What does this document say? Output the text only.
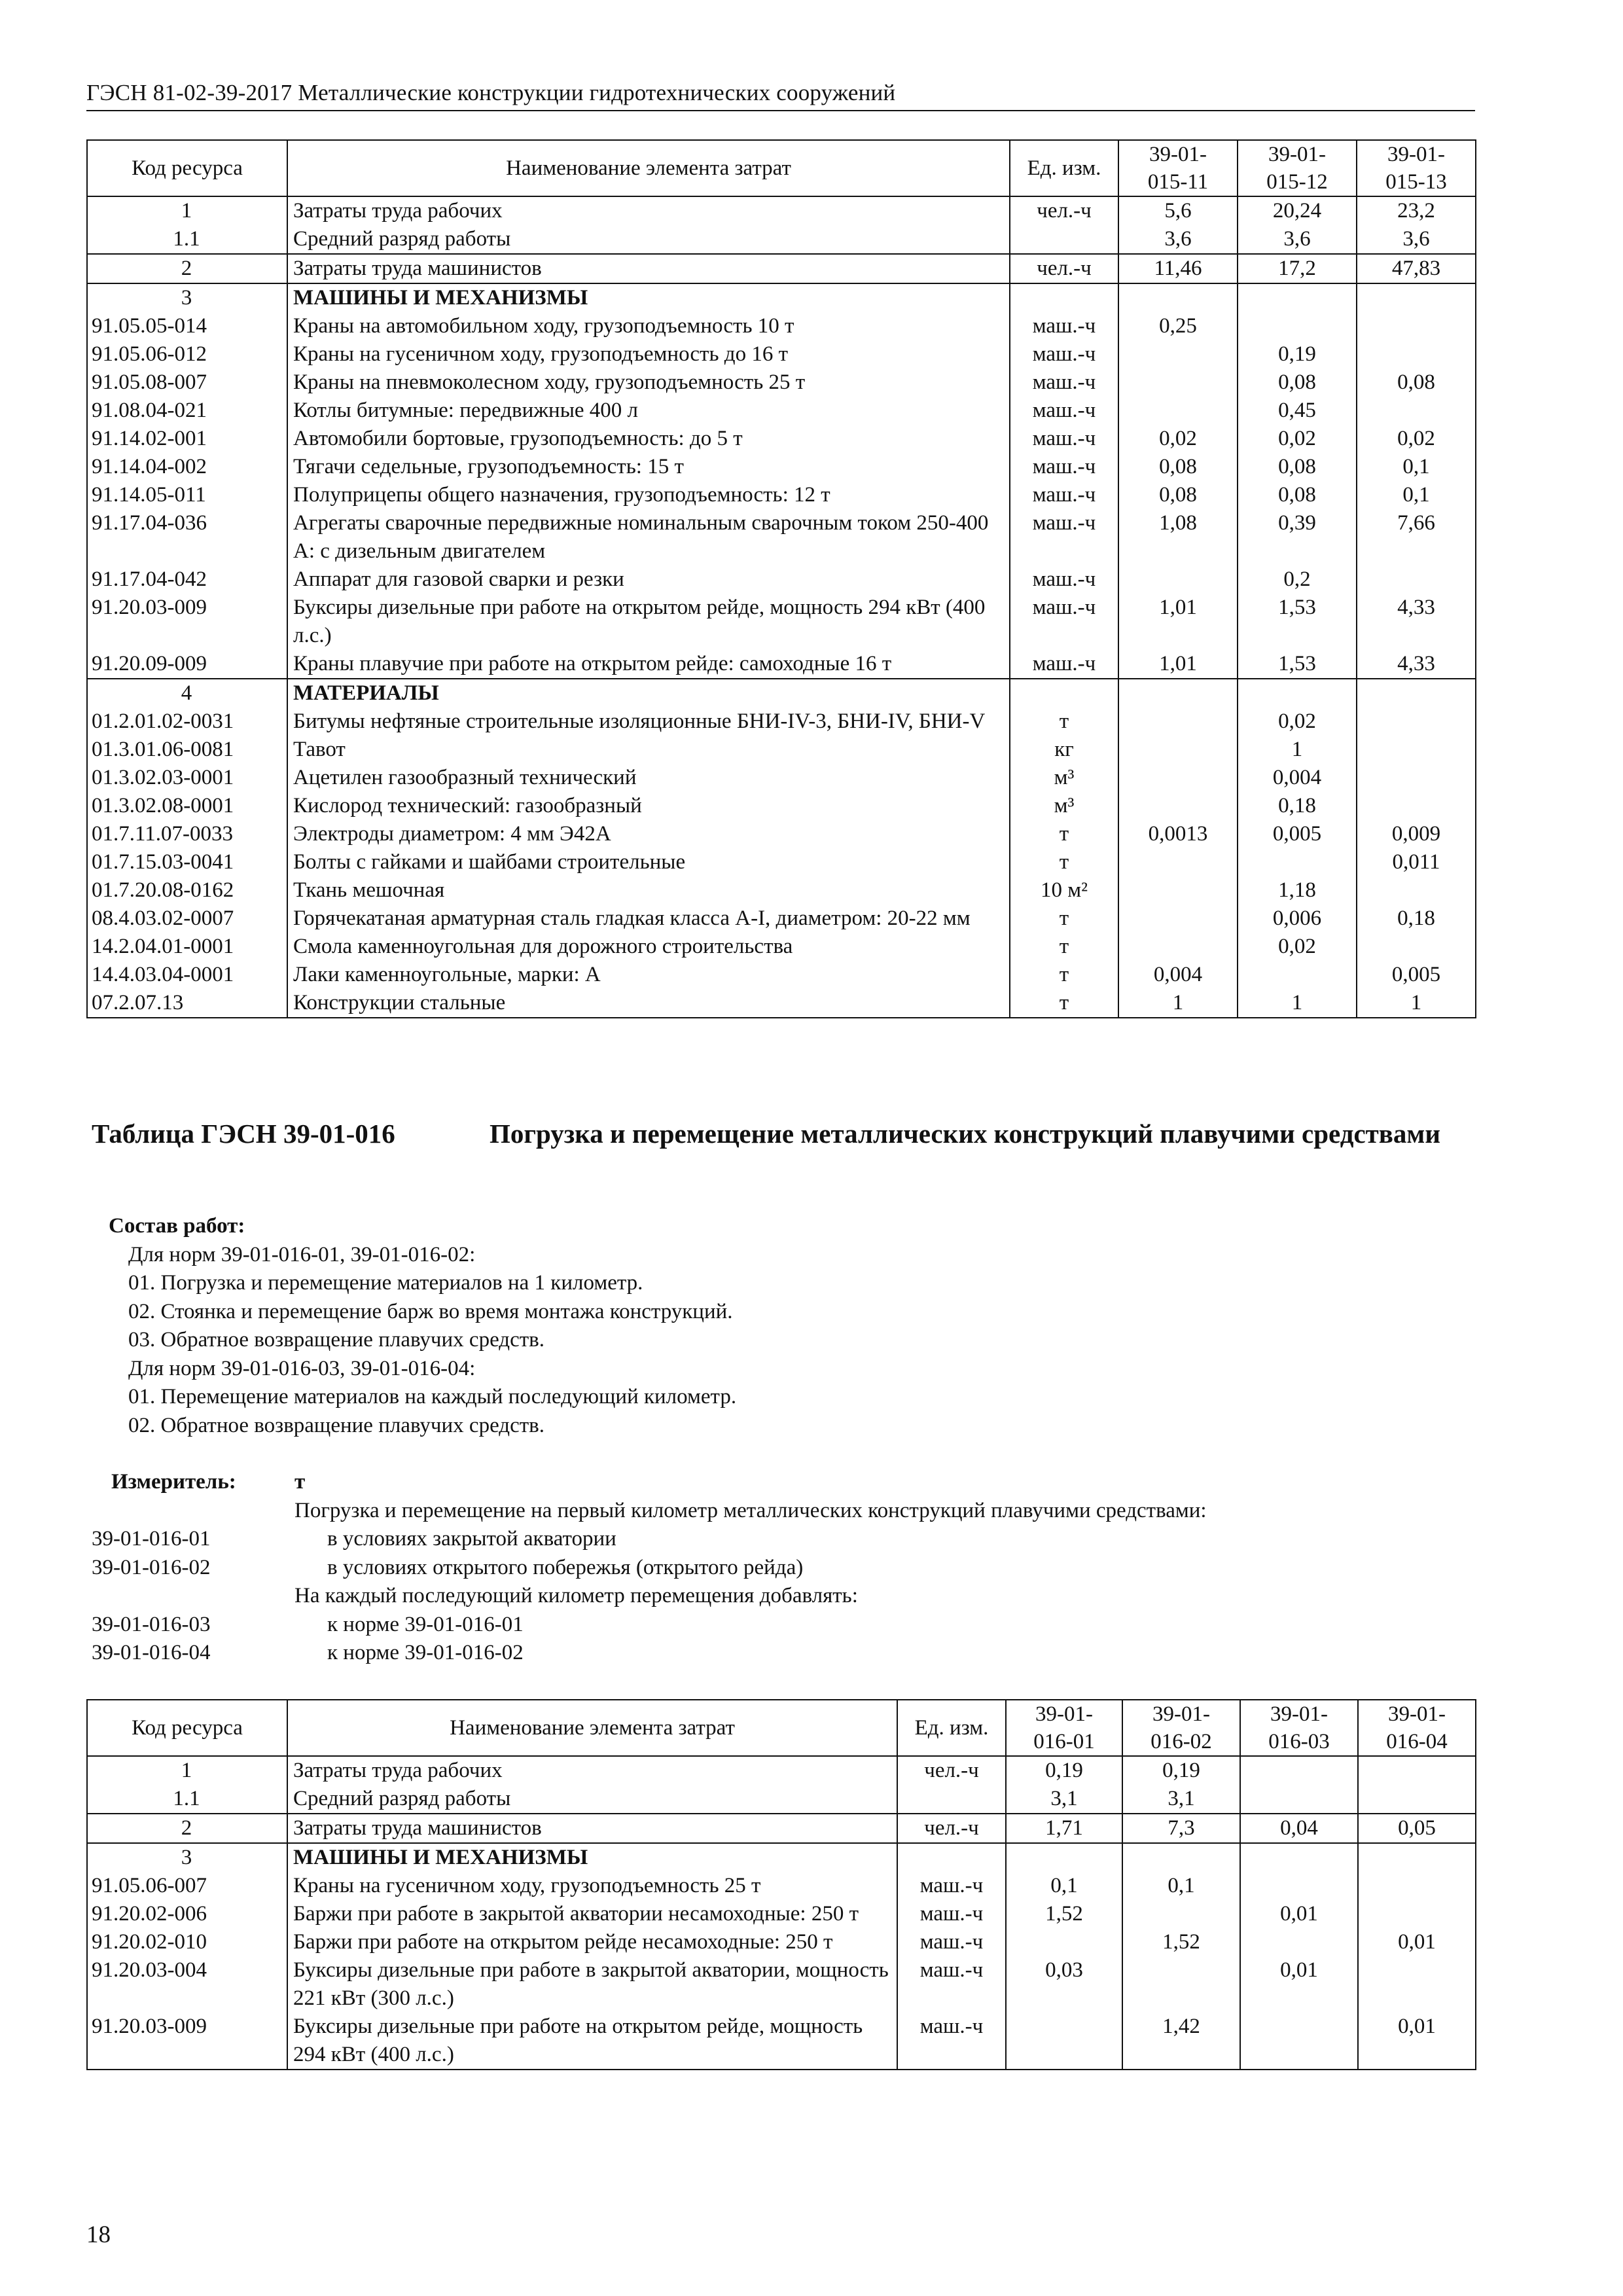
ГЭСН 81-02-39-2017 Металлические конструкции гидротехнических сооружений
Код ресурса	Наименование элемента затрат	Ед. изм.	39-01-
015-11	39-01-
015-12	39-01-
015-13
1	Затраты труда рабочих	чел.-ч	5,6	20,24	23,2
1.1	Средний разряд работы		3,6	3,6	3,6
2	Затраты труда машинистов	чел.-ч	11,46	17,2	47,83
3	МАШИНЫ И МЕХАНИЗМЫ				
91.05.05-014	Краны на автомобильном ходу, грузоподъемность 10 т	маш.-ч	0,25		
91.05.06-012	Краны на гусеничном ходу, грузоподъемность до 16 т	маш.-ч		0,19	
91.05.08-007	Краны на пневмоколесном ходу, грузоподъемность 25 т	маш.-ч		0,08	0,08
91.08.04-021	Котлы битумные: передвижные 400 л	маш.-ч		0,45	
91.14.02-001	Автомобили бортовые, грузоподъемность: до 5 т	маш.-ч	0,02	0,02	0,02
91.14.04-002	Тягачи седельные, грузоподъемность: 15 т	маш.-ч	0,08	0,08	0,1
91.14.05-011	Полуприцепы общего назначения, грузоподъемность: 12 т	маш.-ч	0,08	0,08	0,1
91.17.04-036	Агрегаты сварочные передвижные номинальным сварочным током 250-400 А: с дизельным двигателем	маш.-ч	1,08	0,39	7,66
91.17.04-042	Аппарат для газовой сварки и резки	маш.-ч		0,2	
91.20.03-009	Буксиры дизельные при работе на открытом рейде, мощность 294 кВт (400 л.с.)	маш.-ч	1,01	1,53	4,33
91.20.09-009	Краны плавучие при работе на открытом рейде: самоходные 16 т	маш.-ч	1,01	1,53	4,33
4	МАТЕРИАЛЫ				
01.2.01.02-0031	Битумы нефтяные строительные изоляционные БНИ-IV-3, БНИ-IV, БНИ-V	т		0,02	
01.3.01.06-0081	Тавот	кг		1	
01.3.02.03-0001	Ацетилен газообразный технический	м³		0,004	
01.3.02.08-0001	Кислород технический: газообразный	м³		0,18	
01.7.11.07-0033	Электроды диаметром: 4 мм Э42А	т	0,0013	0,005	0,009
01.7.15.03-0041	Болты с гайками и шайбами строительные	т			0,011
01.7.20.08-0162	Ткань мешочная	10 м²		1,18	
08.4.03.02-0007	Горячекатаная арматурная сталь гладкая класса А-I, диаметром: 20-22 мм	т		0,006	0,18
14.2.04.01-0001	Смола каменноугольная для дорожного строительства	т		0,02	
14.4.03.04-0001	Лаки каменноугольные, марки: А	т	0,004		0,005
07.2.07.13	Конструкции стальные	т	1	1	1
Таблица ГЭСН 39-01-016	Погрузка и перемещение металлических конструкций плавучими средствами
Состав работ:
Для норм 39-01-016-01, 39-01-016-02:
01. Погрузка и перемещение материалов на 1 километр.
02. Стоянка и перемещение барж во время монтажа конструкций.
03. Обратное возвращение плавучих средств.
Для норм 39-01-016-03, 39-01-016-04:
01. Перемещение материалов на каждый последующий километр.
02. Обратное возвращение плавучих средств.
Измеритель:	т
Погрузка и перемещение на первый километр металлических конструкций плавучими средствами:
39-01-016-01	в условиях закрытой акватории
39-01-016-02	в условиях открытого побережья (открытого рейда)
На каждый последующий километр перемещения добавлять:
39-01-016-03	к норме 39-01-016-01
39-01-016-04	к норме 39-01-016-02
Код ресурса	Наименование элемента затрат	Ед. изм.	39-01-
016-01	39-01-
016-02	39-01-
016-03	39-01-
016-04
1	Затраты труда рабочих	чел.-ч	0,19	0,19		
1.1	Средний разряд работы		3,1	3,1		
2	Затраты труда машинистов	чел.-ч	1,71	7,3	0,04	0,05
3	МАШИНЫ И МЕХАНИЗМЫ					
91.05.06-007	Краны на гусеничном ходу, грузоподъемность 25 т	маш.-ч	0,1	0,1		
91.20.02-006	Баржи при работе в закрытой акватории несамоходные: 250 т	маш.-ч	1,52		0,01	
91.20.02-010	Баржи при работе на открытом рейде несамоходные: 250 т	маш.-ч		1,52		0,01
91.20.03-004	Буксиры дизельные при работе в закрытой акватории, мощность 221 кВт (300 л.с.)	маш.-ч	0,03		0,01	
91.20.03-009	Буксиры дизельные при работе на открытом рейде, мощность 294 кВт (400 л.с.)	маш.-ч		1,42		0,01
18
